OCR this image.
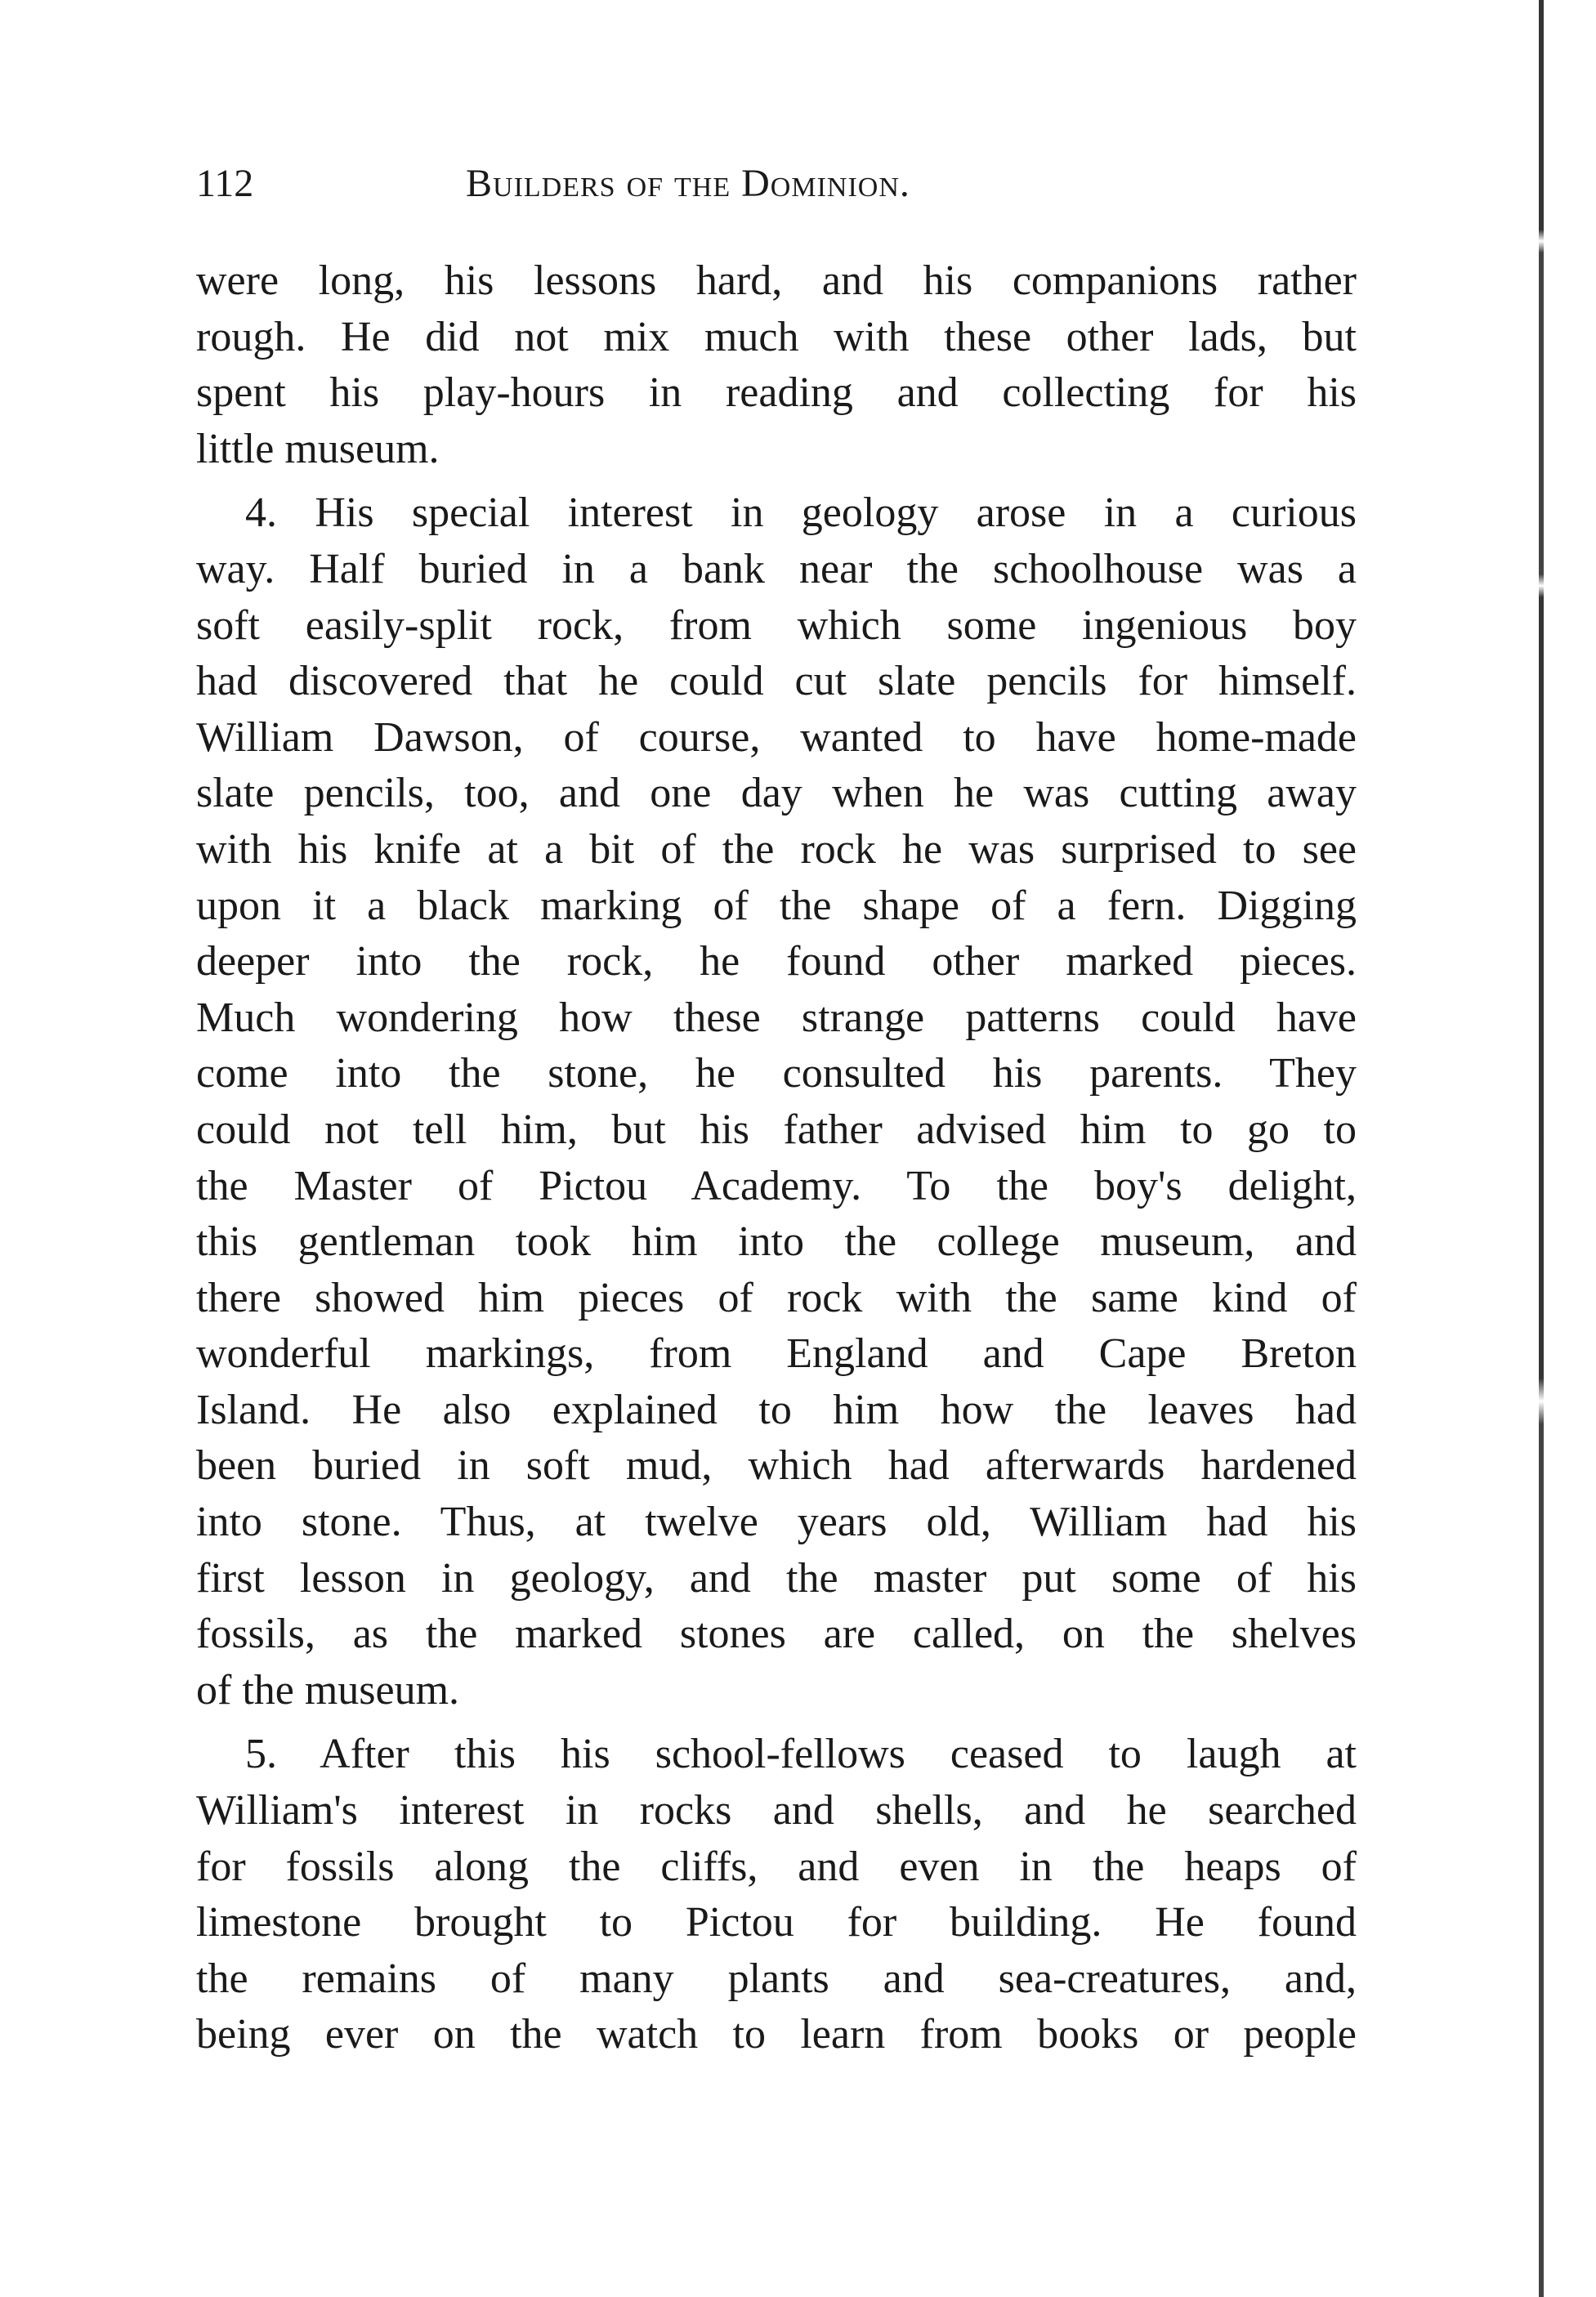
112	Builders of the Dominion.
were long, his lessons hard, and his companions rather
rough. He did not mix much with these other lads, but
spent his play-hours in reading and collecting for his
little museum.
4. His special interest in geology arose in a curious
way. Half buried in a bank near the schoolhouse was a
soft easily-split rock, from which some ingenious boy
had discovered that he could cut slate pencils for himself.
William Dawson, of course, wanted to have home-made
slate pencils, too, and one day when he was cutting away
with his knife at a bit of the rock he was surprised to see
upon it a black marking of the shape of a fern. Digging
deeper into the rock, he found other marked pieces.
Much wondering how these strange patterns could have
come into the stone, he consulted his parents. They
could not tell him, but his father advised him to go to
the Master of Pictou Academy. To the boy's delight,
this gentleman took him into the college museum, and
there showed him pieces of rock with the same kind of
wonderful markings, from England and Cape Breton
Island. He also explained to him how the leaves had
been buried in soft mud, which had afterwards hardened
into stone. Thus, at twelve years old, William had his
first lesson in geology, and the master put some of his
fossils, as the marked stones are called, on the shelves
of the museum.
5. After this his school-fellows ceased to laugh at
William's interest in rocks and shells, and he searched
for fossils along the cliffs, and even in the heaps of
limestone brought to Pictou for building. He found
the remains of many plants and sea-creatures, and,
being ever on the watch to learn from books or people
